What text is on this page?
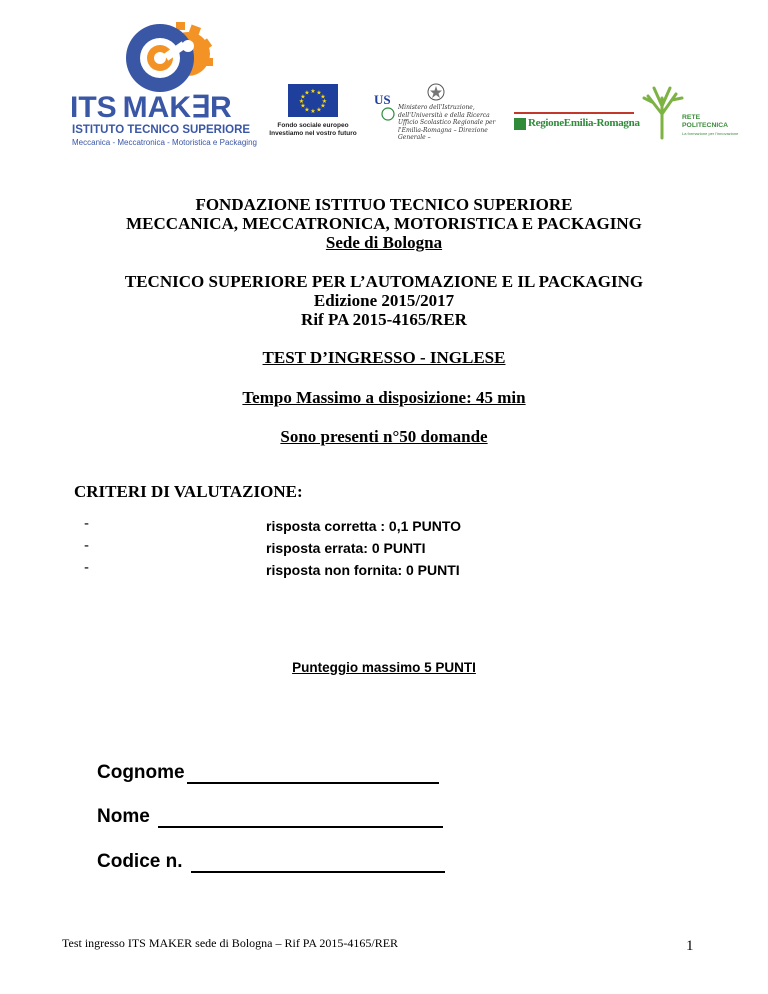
ITS MAK∃R
ISTITUTO TECNICO SUPERIORE
Meccanica - Meccatronica - Motoristica e Packaging
★ ★
★
★
★
★
★
★
★
★
★
★
Fondo sociale europeo
Investiamo nel vostro futuro
US
Ministero dell'Istruzione, dell'Università e della Ricerca Ufficio Scolastico Regionale per l'Emilia-Romagna – Direzione Generale –
RegioneEmilia-Romagna	RETE
POLITECNICA
La formazione per l'innovazione
FONDAZIONE ISTITUO TECNICO SUPERIORE
MECCANICA, MECCATRONICA, MOTORISTICA E PACKAGING
Sede di Bologna
TECNICO SUPERIORE PER L’AUTOMAZIONE E IL PACKAGING
Edizione 2015/2017
Rif PA 2015-4165/RER
TEST D’INGRESSO - INGLESE
Tempo Massimo a disposizione: 45 min
Sono presenti n°50 domande
CRITERI DI VALUTAZIONE:
-	risposta corretta : 0,1 PUNTO
-	risposta errata: 0 PUNTI
-	risposta non fornita: 0 PUNTI
Punteggio massimo 5 PUNTI
Cognome
Nome
Codice n.
Test ingresso ITS MAKER sede di Bologna – Rif PA 2015-4165/RER	1
